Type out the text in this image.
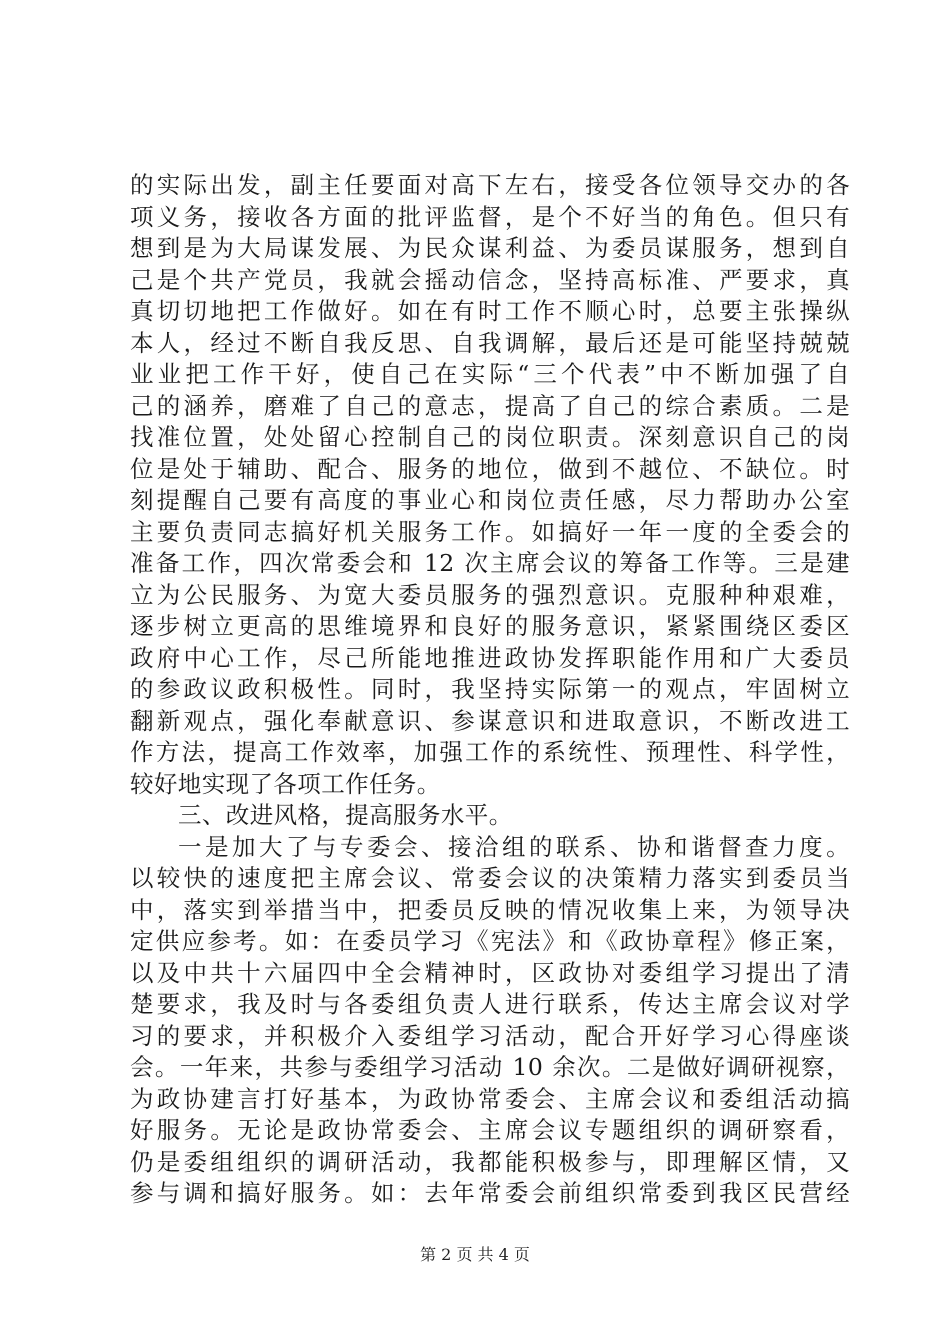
的实际出发，副主任要面对高下左右，接受各位领导交办的各
项义务，接收各方面的批评监督，是个不好当的角色。但只有
想到是为大局谋发展、为民众谋利益、为委员谋服务，想到自
己是个共产党员，我就会摇动信念，坚持高标准、严要求，真
真切切地把工作做好。如在有时工作不顺心时，总要主张操纵
本人，经过不断自我反思、自我调解，最后还是可能坚持兢兢
业业把工作干好，使自己在实际“三个代表”中不断加强了自
己的涵养，磨难了自己的意志，提高了自己的综合素质。二是
找准位置，处处留心控制自己的岗位职责。深刻意识自己的岗
位是处于辅助、配合、服务的地位，做到不越位、不缺位。时
刻提醒自己要有高度的事业心和岗位责任感，尽力帮助办公室
主要负责同志搞好机关服务工作。如搞好一年一度的全委会的
准备工作，四次常委会和 12 次主席会议的筹备工作等。三是建
立为公民服务、为宽大委员服务的强烈意识。克服种种艰难，
逐步树立更高的思维境界和良好的服务意识，紧紧围绕区委区
政府中心工作，尽己所能地推进政协发挥职能作用和广大委员
的参政议政积极性。同时，我坚持实际第一的观点，牢固树立
翻新观点，强化奉献意识、参谋意识和进取意识，不断改进工
作方法，提高工作效率，加强工作的系统性、预理性、科学性，
较好地实现了各项工作任务。
三、改进风格，提高服务水平。
一是加大了与专委会、接洽组的联系、协和谐督查力度。
以较快的速度把主席会议、常委会议的决策精力落实到委员当
中，落实到举措当中，把委员反映的情况收集上来，为领导决
定供应参考。如：在委员学习《宪法》和《政协章程》修正案，
以及中共十六届四中全会精神时，区政协对委组学习提出了清
楚要求，我及时与各委组负责人进行联系，传达主席会议对学
习的要求，并积极介入委组学习活动，配合开好学习心得座谈
会。一年来，共参与委组学习活动 10 余次。二是做好调研视察，
为政协建言打好基本，为政协常委会、主席会议和委组活动搞
好服务。无论是政协常委会、主席会议专题组织的调研察看，
仍是委组组织的调研活动，我都能积极参与，即理解区情，又
参与调和搞好服务。如：去年常委会前组织常委到我区民营经
第 2 页 共 4 页
